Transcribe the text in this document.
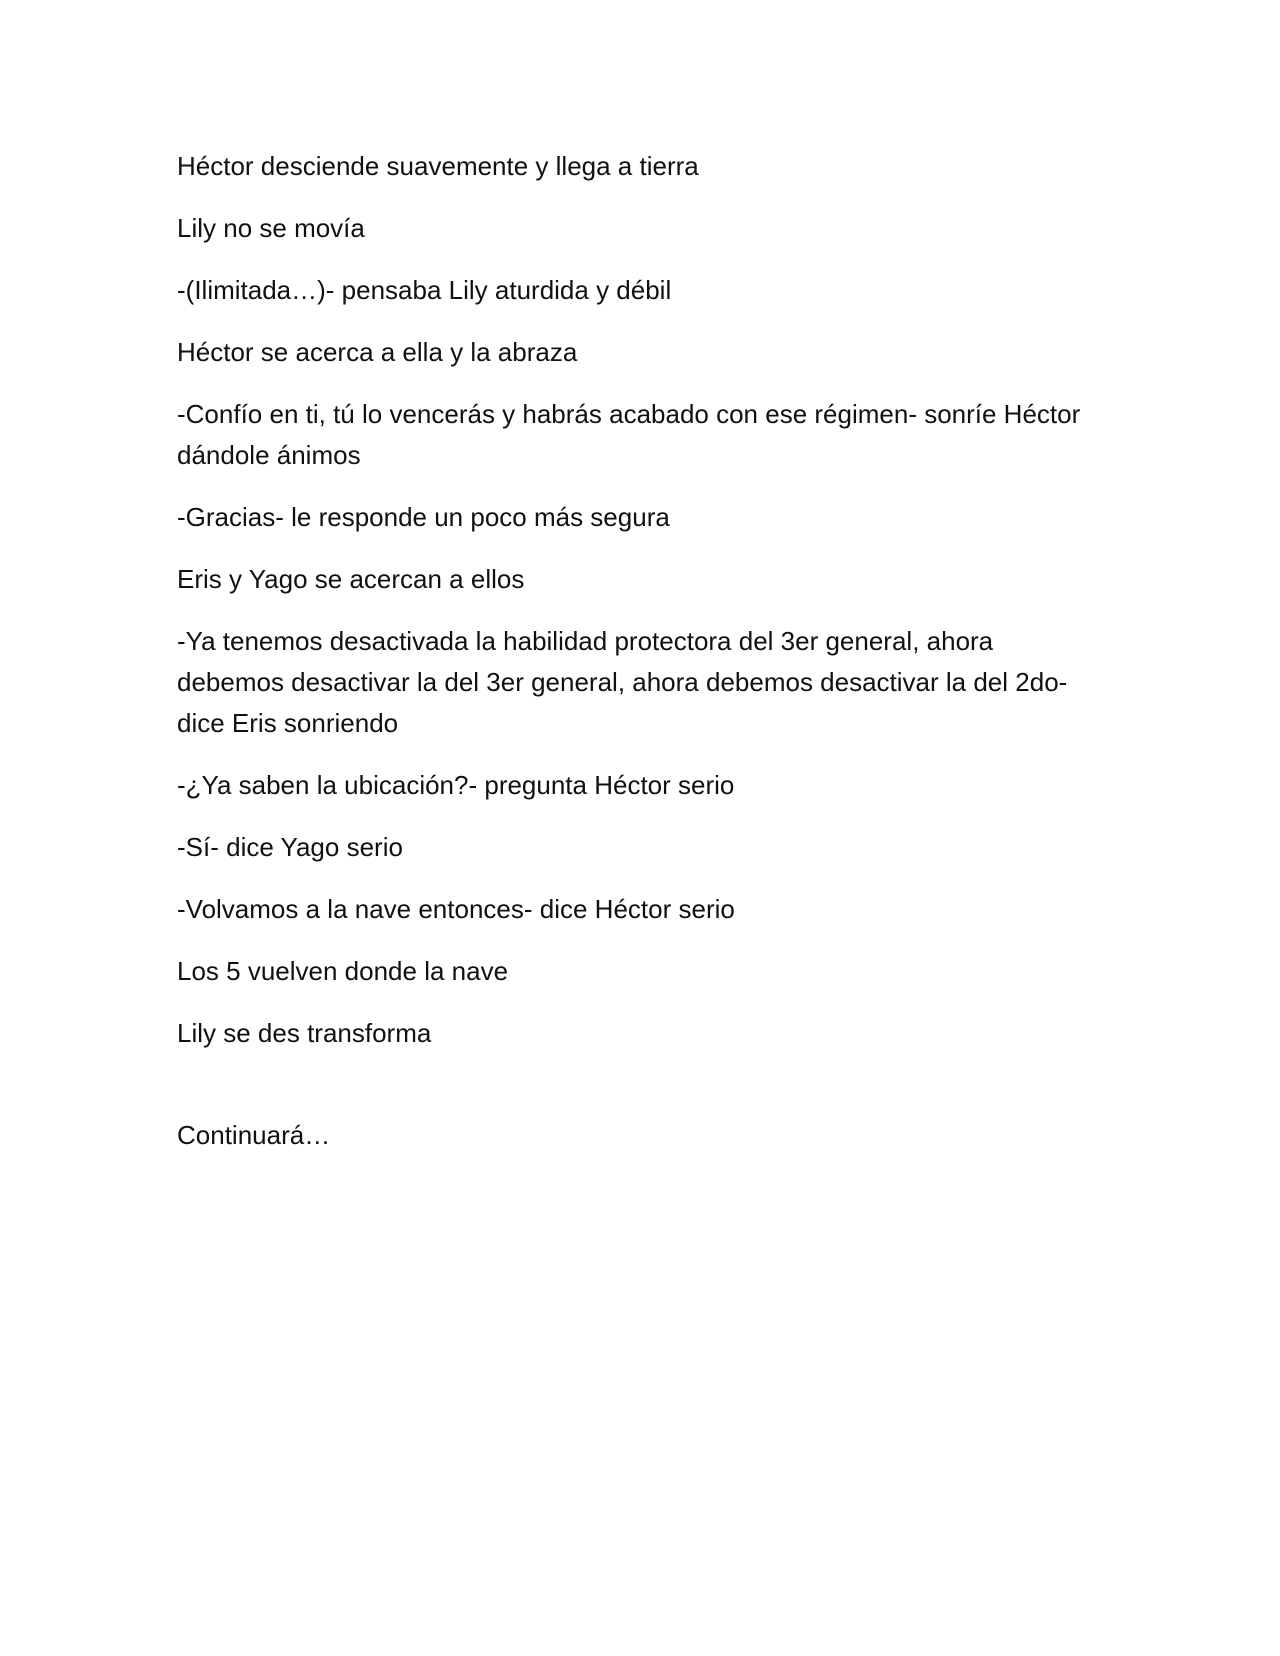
Héctor desciende suavemente y llega a tierra

Lily no se movía

-(Ilimitada…)- pensaba Lily aturdida y débil

Héctor se acerca a ella y la abraza

-Confío en ti, tú lo vencerás y habrás acabado con ese régimen- sonríe Héctor dándole ánimos

-Gracias- le responde un poco más segura

Eris y Yago se acercan a ellos

-Ya tenemos desactivada la habilidad protectora del 3er general, ahora debemos desactivar la del 3er general, ahora debemos desactivar la del 2do- dice Eris sonriendo

-¿Ya saben la ubicación?- pregunta Héctor serio

-Sí- dice Yago serio

-Volvamos a la nave entonces- dice Héctor serio

Los 5 vuelven donde la nave

Lily se des transforma

Continuará…
